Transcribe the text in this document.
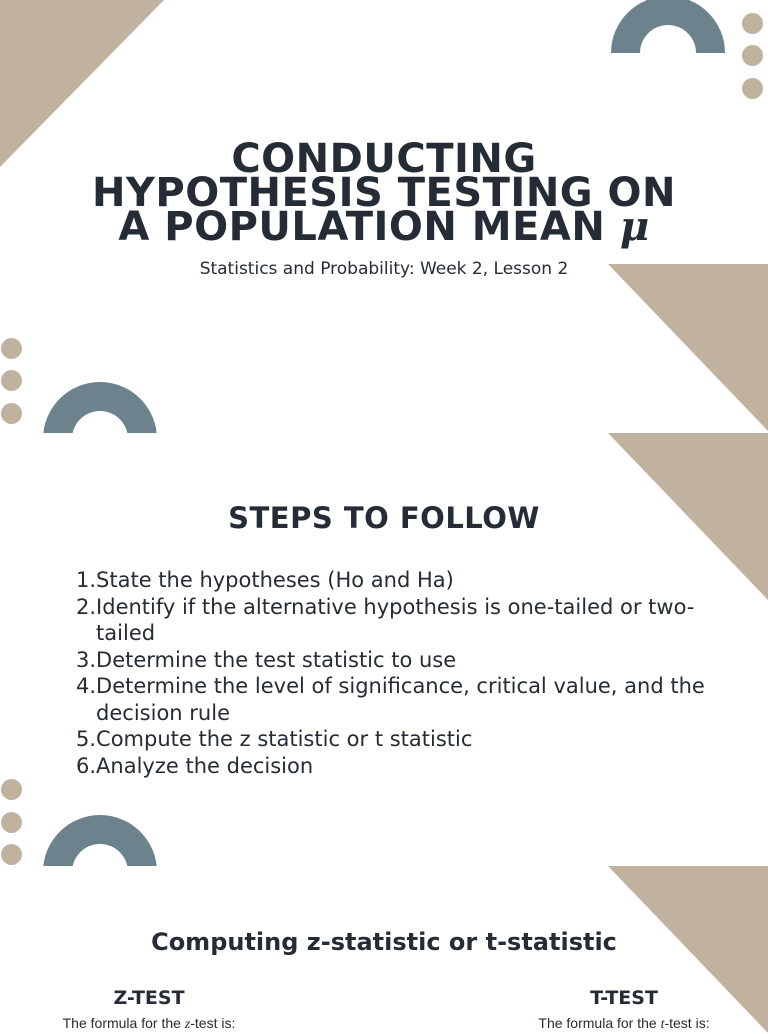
CONDUCTING HYPOTHESIS TESTING ON A POPULATION MEAN μ
Statistics and Probability: Week 2, Lesson 2
STEPS TO FOLLOW
1. State the hypotheses (Ho and Ha)
2. Identify if the alternative hypothesis is one-tailed or two-tailed
3. Determine the test statistic to use
4. Determine the level of significance, critical value, and the decision rule
5. Compute the z statistic or t statistic
6. Analyze the decision
Computing z-statistic or t-statistic
Z-TEST
The formula for the z-test is:
T-TEST
The formula for the t-test is:
